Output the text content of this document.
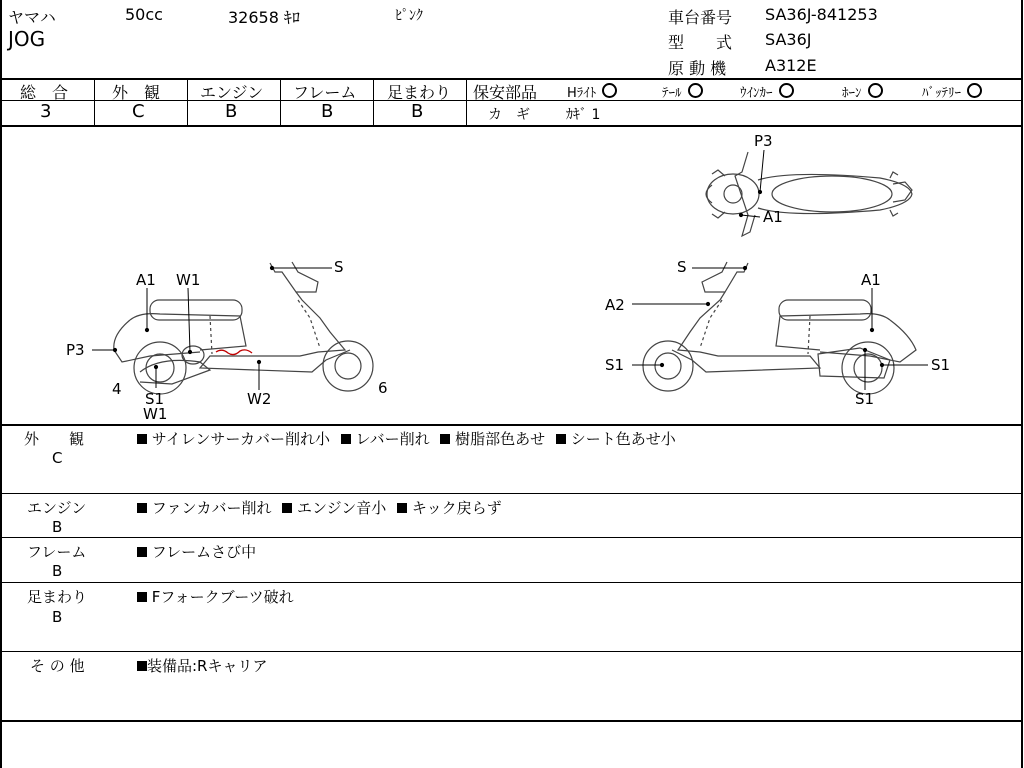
ヤマハ	50cc	32658 ｷﾛ	ﾋﾟﾝｸ
JOG
車台番号 SA36J-841253
型　　式 SA36J
原 動 機 A312E
総　合	外　観 エンジン フレーム 足まわり
3	C	B	B	B
保安部品 Hﾗｲﾄ	ﾃｰﾙ	ｳｲﾝｶｰ	ﾎｰﾝ	ﾊﾞｯﾃﾘｰ
カ　ギ	ｶｷﾞ 1
P3
A1
A1 W1
S
P3
4
S1
W1
W2
6
S
A1
A2
S1	S1
S1
外　　観
C
サイレンサーカバー削れ小 レバー削れ 樹脂部色あせ シート色あせ小
エンジン
B
ファンカバー削れ エンジン音小 キック戻らず
フレーム
B
フレームさび中
足まわり
B
Fフォークブーツ破れ
そ の 他	装備品:Rキャリア
